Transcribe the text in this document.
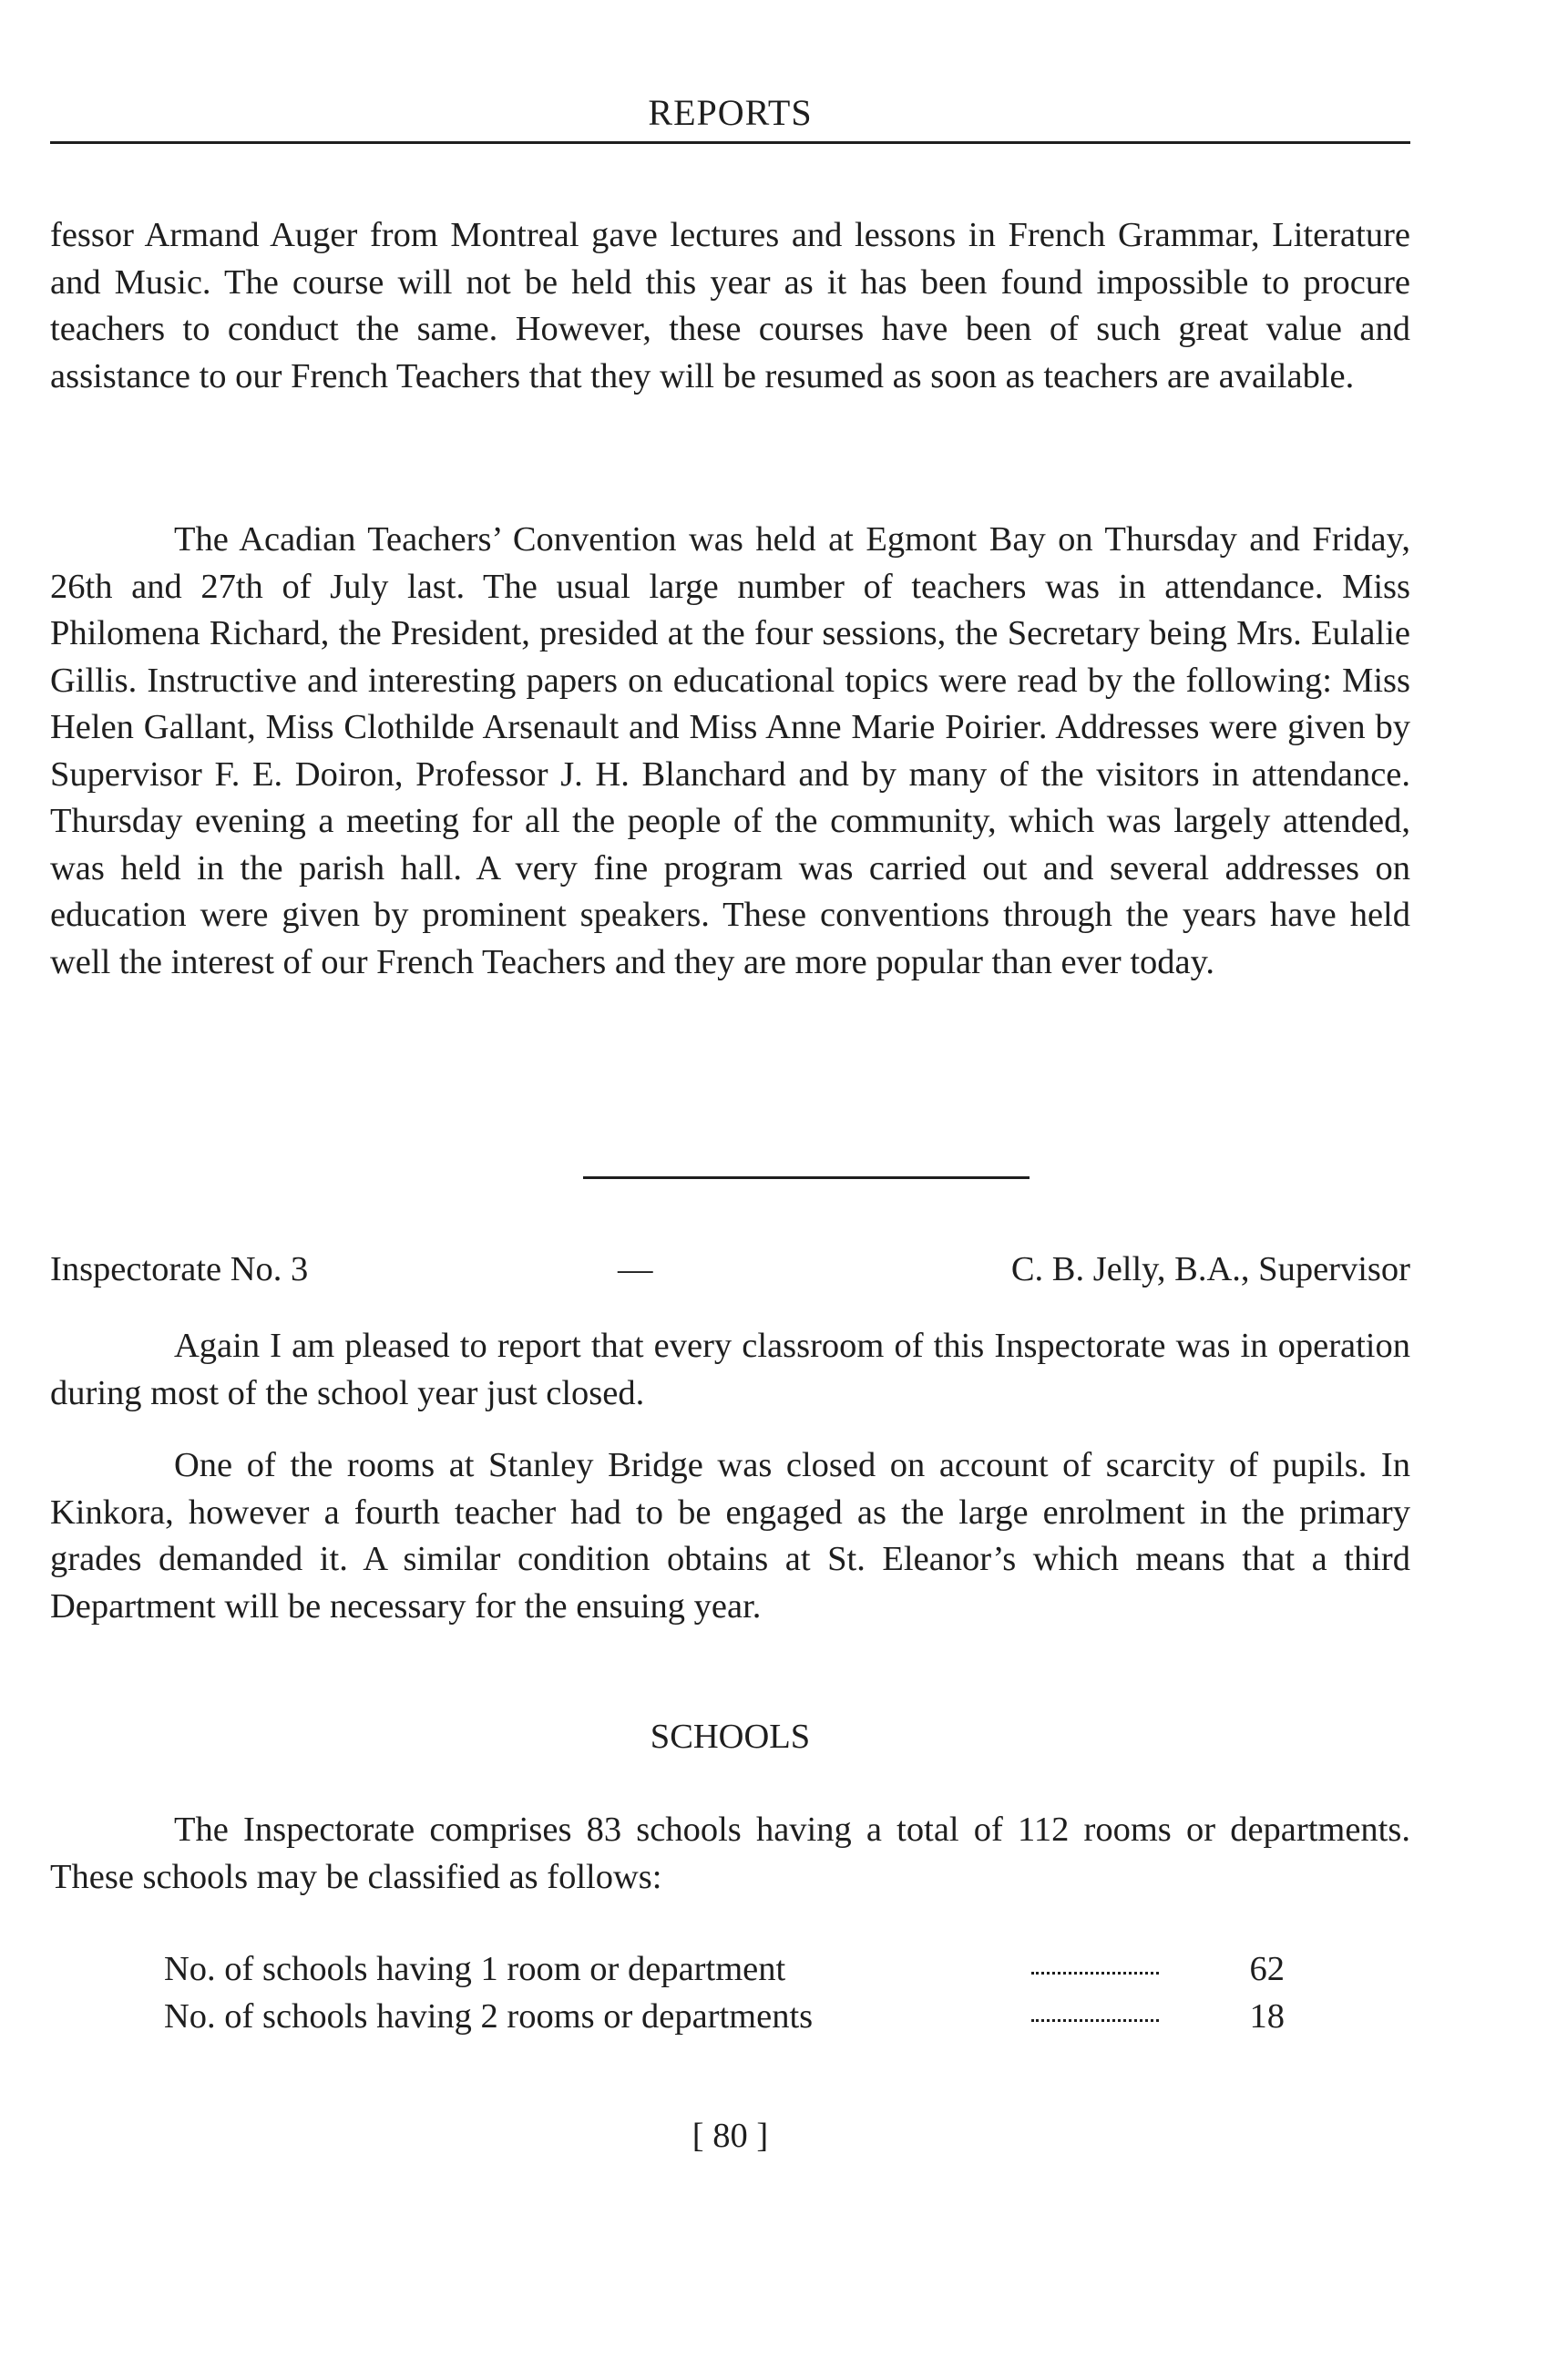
REPORTS

fessor Armand Auger from Montreal gave lectures and lessons in French Grammar, Literature and Music. The course will not be held this year as it has been found impossible to procure teachers to conduct the same. However, these courses have been of such great value and assistance to our French Teachers that they will be resumed as soon as teachers are available.

The Acadian Teachers’ Convention was held at Egmont Bay on Thursday and Friday, 26th and 27th of July last. The usual large number of teachers was in attendance. Miss Philomena Richard, the President, presided at the four sessions, the Secretary being Mrs. Eulalie Gillis. Instructive and interesting papers on educational topics were read by the following: Miss Helen Gallant, Miss Clothilde Arsenault and Miss Anne Marie Poirier. Addresses were given by Supervisor F. E. Doiron, Professor J. H. Blanchard and by many of the visitors in attendance. Thursday evening a meeting for all the people of the community, which was largely attended, was held in the parish hall. A very fine program was carried out and several addresses on education were given by prominent speakers. These conventions through the years have held well the interest of our French Teachers and they are more popular than ever today.

Inspectorate No. 3	—	C. B. Jelly, B.A., Supervisor

Again I am pleased to report that every classroom of this Inspectorate was in operation during most of the school year just closed.

One of the rooms at Stanley Bridge was closed on account of scarcity of pupils. In Kinkora, however a fourth teacher had to be engaged as the large enrolment in the primary grades demanded it. A similar condition obtains at St. Eleanor’s which means that a third Department will be necessary for the ensuing year.

SCHOOLS

The Inspectorate comprises 83 schools having a total of 112 rooms or departments. These schools may be classified as follows:

No. of schools having 1 room or department	62
No. of schools having 2 rooms or departments	18
[ 80 ]
